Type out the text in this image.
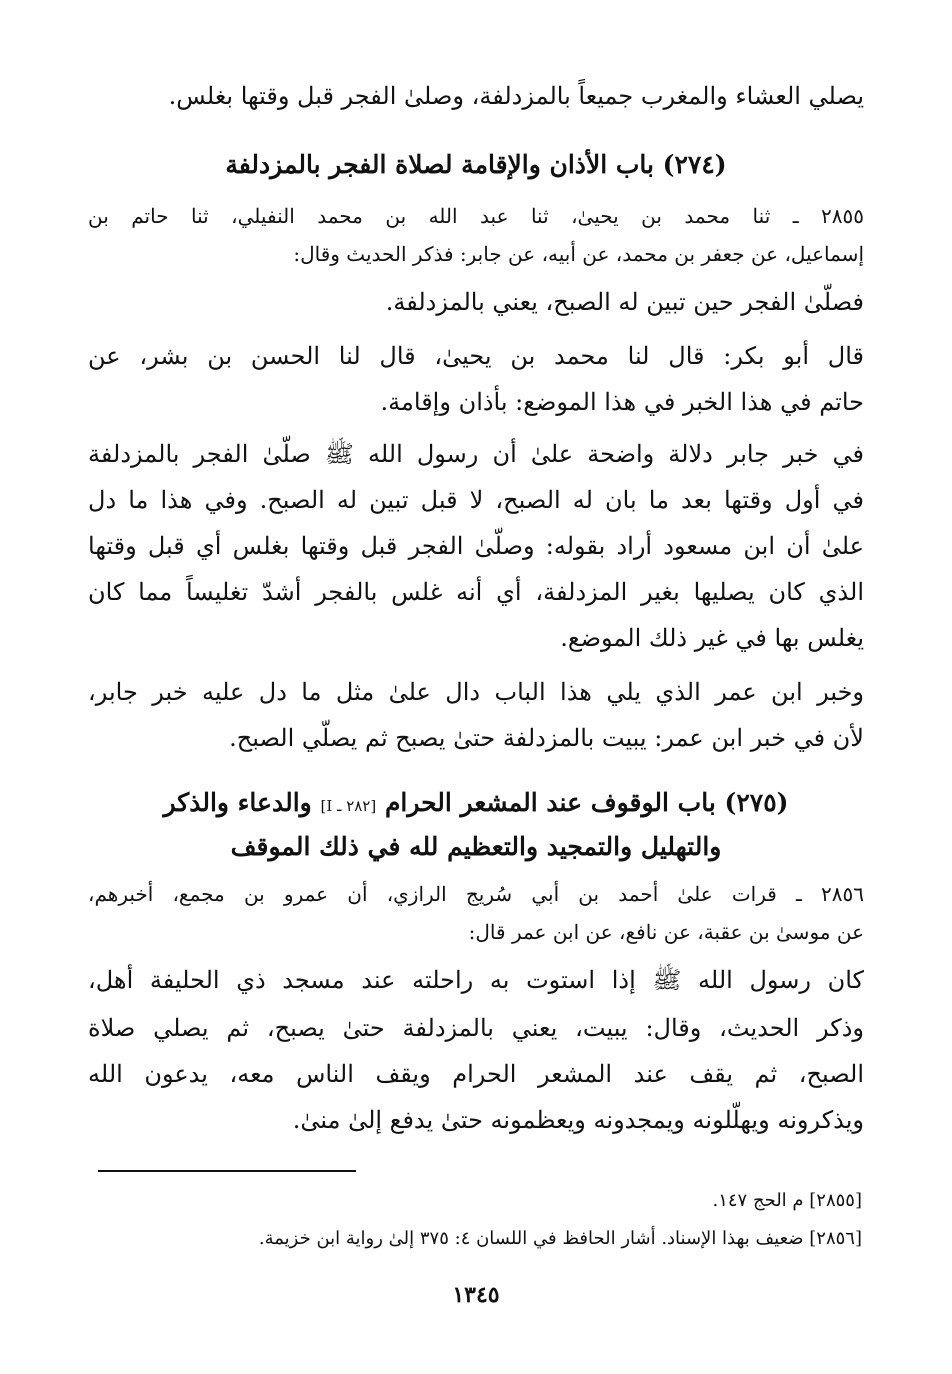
يصلي العشاء والمغرب جميعاً بالمزدلفة، وصلىٰ الفجر قبل وقتها بغلس.
(٢٧٤) باب الأذان والإقامة لصلاة الفجر بالمزدلفة
٢٨٥٥ ـ ثنا محمد بن يحيىٰ، ثنا عبد الله بن محمد النفيلي، ثنا حاتم بن
إسماعيل، عن جعفر بن محمد، عن أبيه، عن جابر: فذكر الحديث وقال:
فصلّىٰ الفجر حين تبين له الصبح، يعني بالمزدلفة.
قال أبو بكر: قال لنا محمد بن يحيىٰ، قال لنا الحسن بن بشر، عن
حاتم في هذا الخبر في هذا الموضع: بأذان وإقامة.
في خبر جابر دلالة واضحة علىٰ أن رسول الله ﷺ صلّىٰ الفجر بالمزدلفة
في أول وقتها بعد ما بان له الصبح، لا قبل تبين له الصبح. وفي هذا ما دل
علىٰ أن ابن مسعود أراد بقوله: وصلّىٰ الفجر قبل وقتها بغلس أي قبل وقتها
الذي كان يصليها بغير المزدلفة، أي أنه غلس بالفجر أشدّ تغليساً مما كان
يغلس بها في غير ذلك الموضع.
وخبر ابن عمر الذي يلي هذا الباب دال علىٰ مثل ما دل عليه خبر جابر،
لأن في خبر ابن عمر: يبيت بالمزدلفة حتىٰ يصبح ثم يصلّي الصبح.
(٢٧٥) باب الوقوف عند المشعر الحرام [٢٨٢ ـ I] والدعاء والذكر
والتهليل والتمجيد والتعظيم لله في ذلك الموقف
٢٨٥٦ ـ قرات علىٰ أحمد بن أبي سُريج الرازي، أن عمرو بن مجمع، أخبرهم،
عن موسىٰ بن عقبة، عن نافع، عن ابن عمر قال:
كان رسول الله ﷺ إذا استوت به راحلته عند مسجد ذي الحليفة أهل،
وذكر الحديث، وقال: يبيت، يعني بالمزدلفة حتىٰ يصبح، ثم يصلي صلاة
الصبح، ثم يقف عند المشعر الحرام ويقف الناس معه، يدعون الله
ويذكرونه ويهلّلونه ويمجدونه ويعظمونه حتىٰ يدفع إلىٰ منىٰ.
[٢٨٥٥] م الحج ١٤٧.
[٢٨٥٦] ضعيف بهذا الإسناد. أشار الحافظ في اللسان ٤: ٣٧٥ إلىٰ رواية ابن خزيمة.
١٣٤٥
